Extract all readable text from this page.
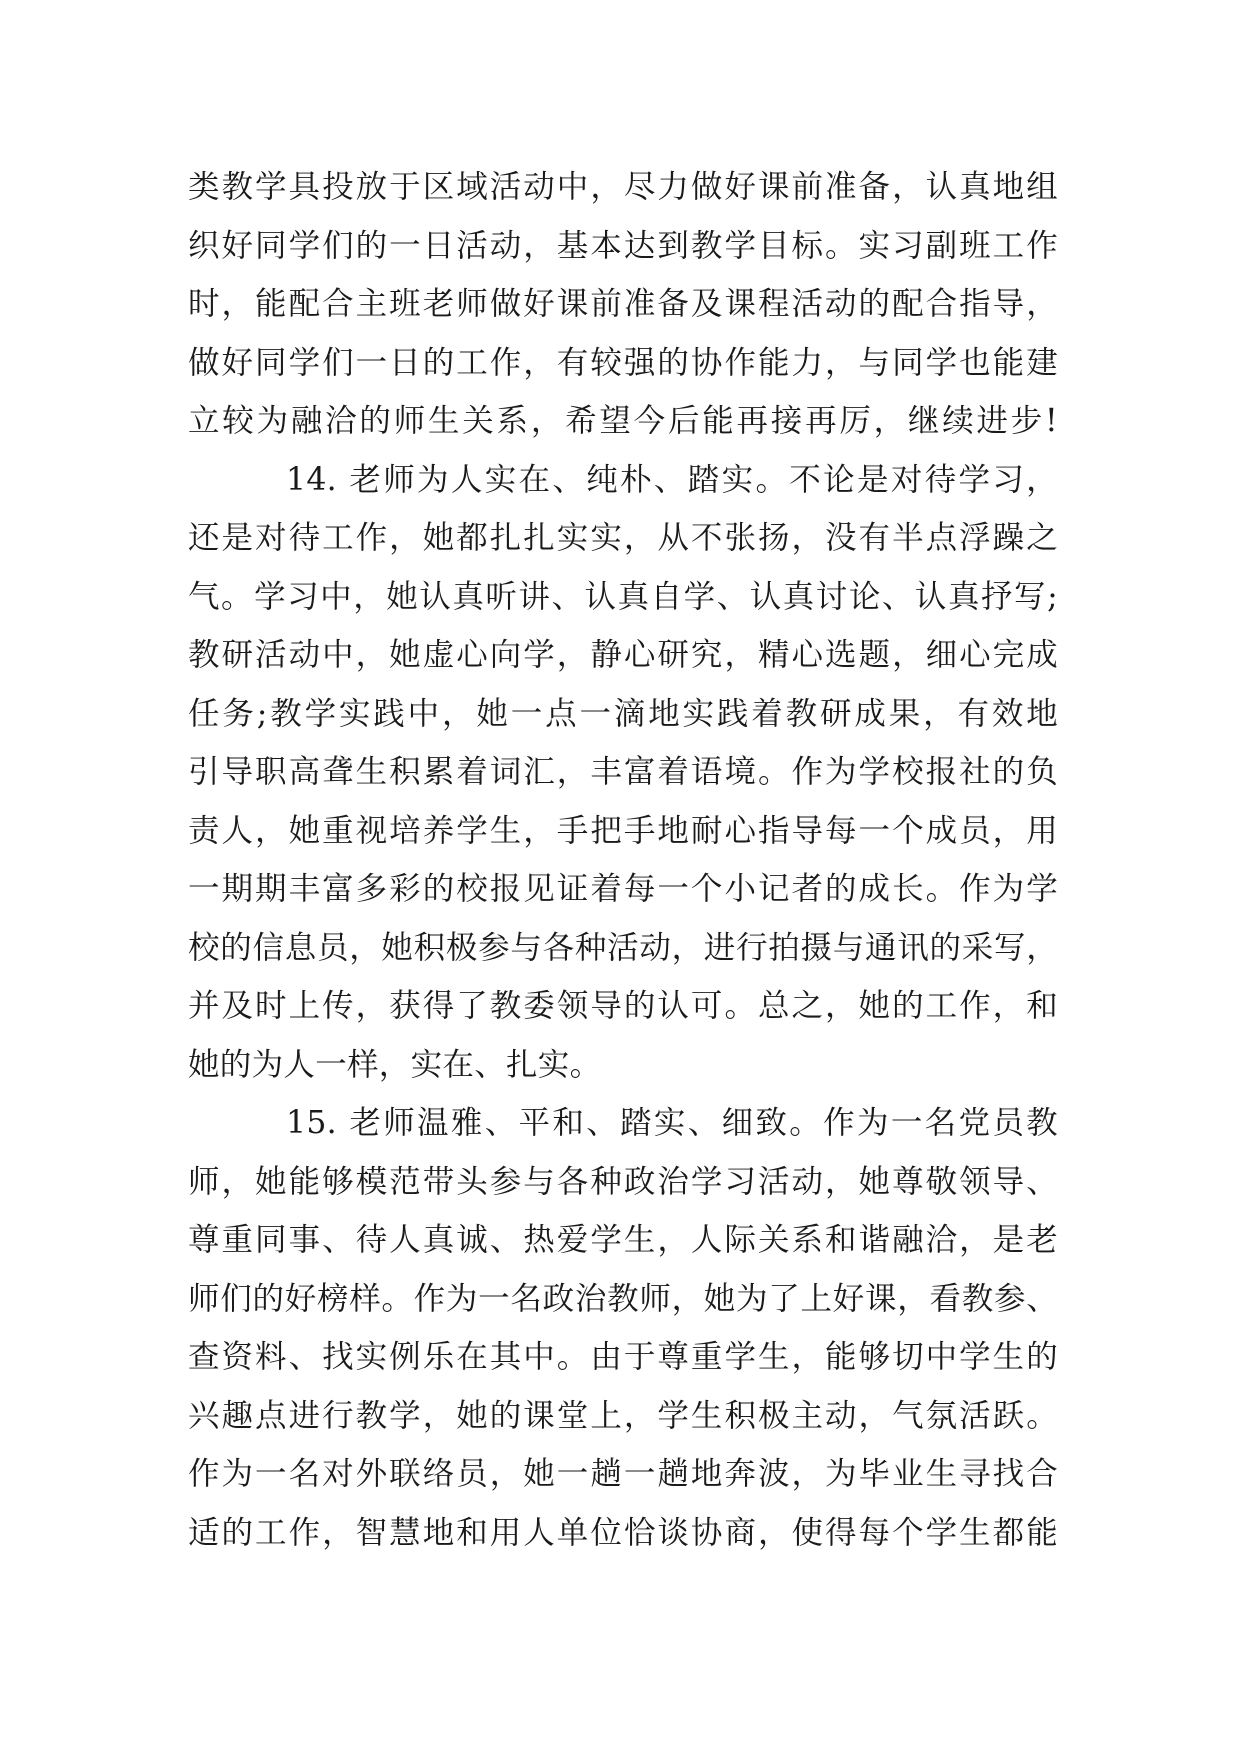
类教学具投放于区域活动中，尽力做好课前准备，认真地组
织好同学们的一日活动，基本达到教学目标。实习副班工作
时，能配合主班老师做好课前准备及课程活动的配合指导，
做好同学们一日的工作，有较强的协作能力，与同学也能建
立较为融洽的师生关系，希望今后能再接再厉，继续进步!
14. 老师为人实在、纯朴、踏实。不论是对待学习，
还是对待工作，她都扎扎实实，从不张扬，没有半点浮躁之
气。学习中，她认真听讲、认真自学、认真讨论、认真抒写;
教研活动中，她虚心向学，静心研究，精心选题，细心完成
任务;教学实践中，她一点一滴地实践着教研成果，有效地
引导职高聋生积累着词汇，丰富着语境。作为学校报社的负
责人，她重视培养学生，手把手地耐心指导每一个成员，用
一期期丰富多彩的校报见证着每一个小记者的成长。作为学
校的信息员，她积极参与各种活动，进行拍摄与通讯的采写，
并及时上传，获得了教委领导的认可。总之，她的工作，和
她的为人一样，实在、扎实。
15. 老师温雅、平和、踏实、细致。作为一名党员教
师，她能够模范带头参与各种政治学习活动，她尊敬领导、
尊重同事、待人真诚、热爱学生，人际关系和谐融洽，是老
师们的好榜样。作为一名政治教师，她为了上好课，看教参、
查资料、找实例乐在其中。由于尊重学生，能够切中学生的
兴趣点进行教学，她的课堂上，学生积极主动，气氛活跃。
作为一名对外联络员，她一趟一趟地奔波，为毕业生寻找合
适的工作，智慧地和用人单位恰谈协商，使得每个学生都能
